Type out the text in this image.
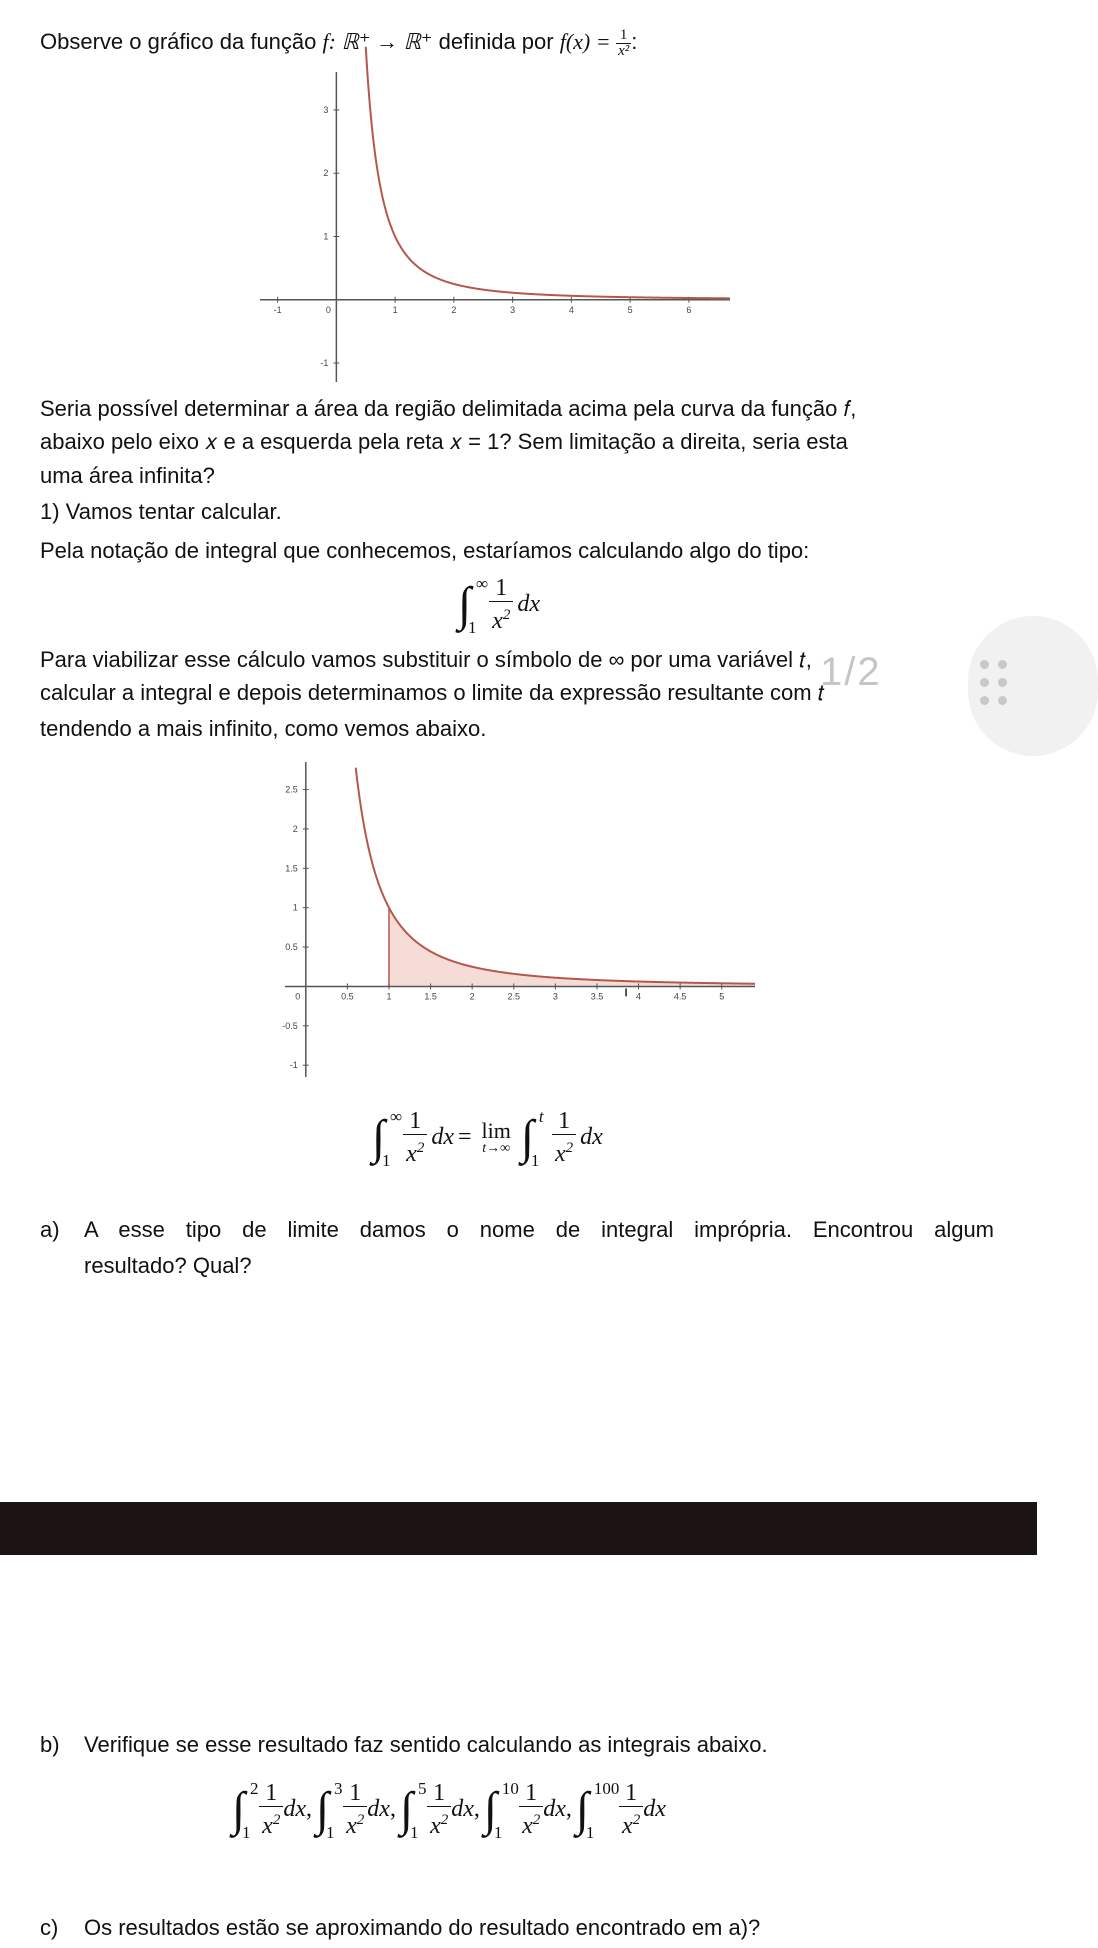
Observe o gráfico da função f: ℝ⁺ → ℝ⁺ definida por $f(x) = \frac{1}{\text{x²}}$ :
-1	0	1	2	3	4	5	6
-1
1
2
3
Seria possível determinar a área da região delimitada acima pela curva da função 𝑓,
abaixo pelo eixo 𝑥 e a esquerda pela reta 𝑥 = 1? Sem limitação a direita, seria esta
uma área infinita?
1) Vamos tentar calcular.
Pela notação de integral que conhecemos, estaríamos calculando algo do tipo:
∫ ∞
$1 \frac{1}{x^2}$ dx
Para viabilizar esse cálculo vamos substituir o símbolo de ∞ por uma variável 𝑡,
calcular a integral e depois determinamos o limite da expressão resultante com 𝑡
tendendo a mais infinito, como vemos abaixo.
1/2
0	0.5	1	1.5	2	2.5	3	3.5	4	4.5	5
-1
-0.5
0.5
1
1.5
2
2.5
∫ ∞
$1 \frac{1}{x^2}$ dx = lim
t→∞ ∫ t
$1 \frac{1}{x^2}$ dx
a) A esse tipo de limite damos o nome de integral imprópria. Encontrou algum
resultado? Qual?
b) Verifique se esse resultado faz sentido calculando as integrais abaixo.
∫ 2
$1 \frac{1}{x^2} dx,\int$ 3
$1 \frac{1}{x^2} dx,\int$ 5
$1 \frac{1}{x^2} dx,\int$ 10
$1 \frac{1}{x^2} dx,\int$ 100
$1 \frac{1}{x^2}$ dx
c) Os resultados estão se aproximando do resultado encontrado em a)?
